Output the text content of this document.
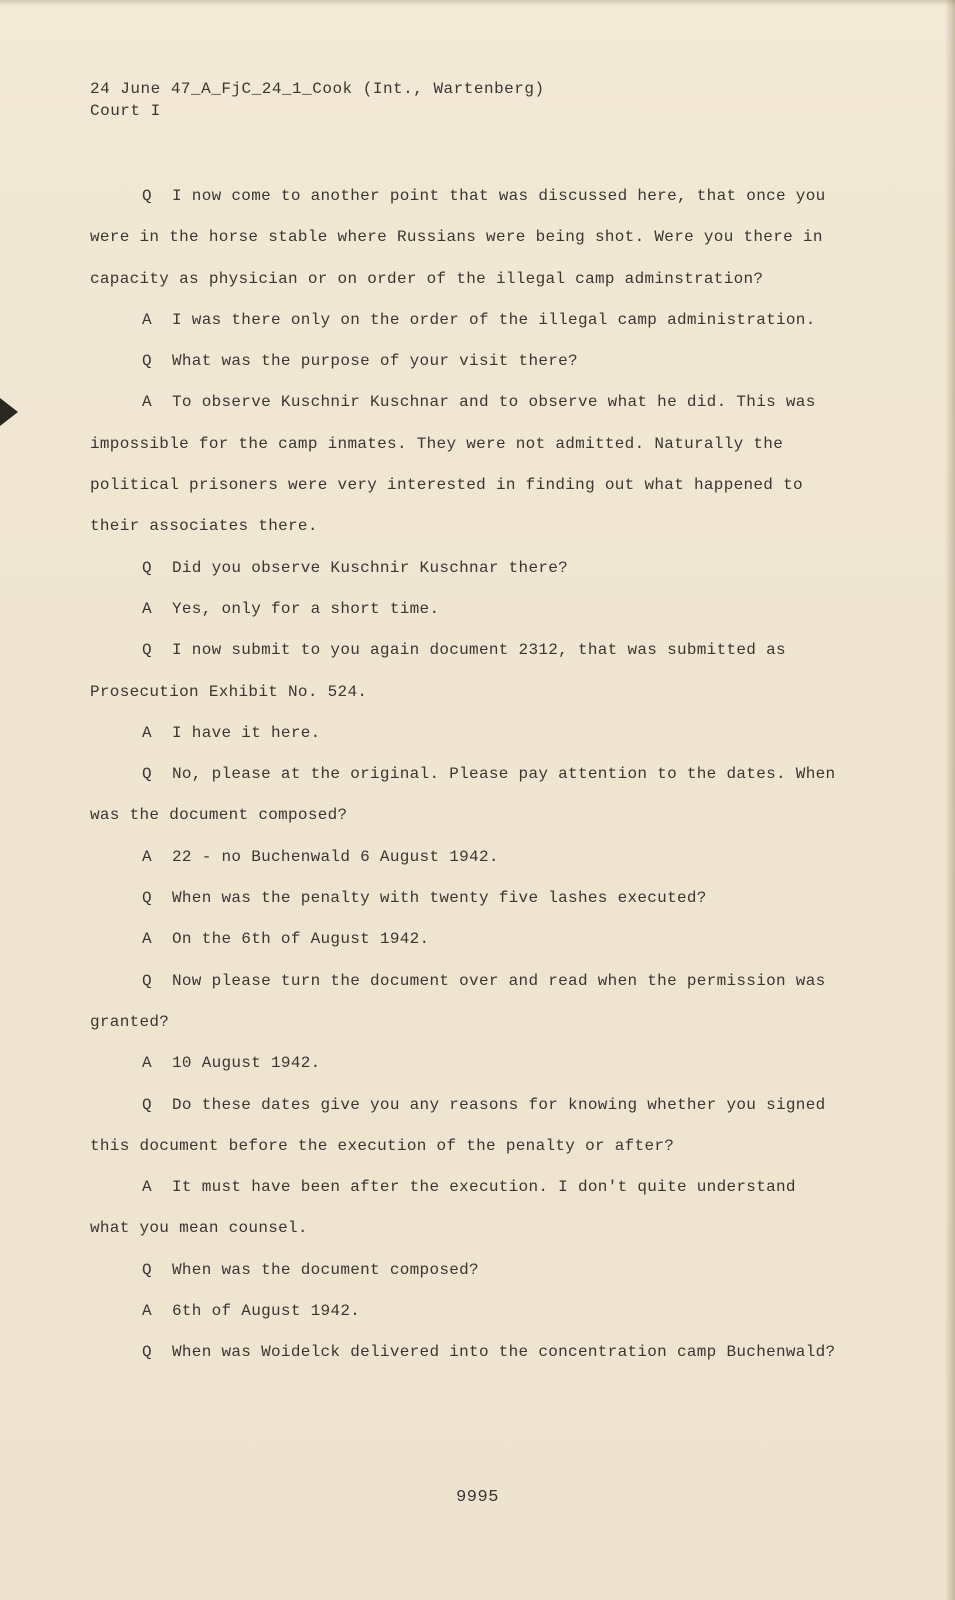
24 June 47_A_FjC_24_1_Cook (Int., Wartenberg)
Court I

Q I now come to another point that was discussed here, that once you were in the horse stable where Russians were being shot. Were you there in capacity as physician or on order of the illegal camp adminstration?

A I was there only on the order of the illegal camp administration.

Q What was the purpose of your visit there?

A To observe Kuschnir Kuschnar and to observe what he did. This was impossible for the camp inmates. They were not admitted. Naturally the political prisoners were very interested in finding out what happened to their associates there.

Q Did you observe Kuschnir Kuschnar there?

A Yes, only for a short time.

Q I now submit to you again document 2312, that was submitted as Prosecution Exhibit No. 524.

A I have it here.

Q No, please at the original. Please pay attention to the dates. When was the document composed?

A 22 - no Buchenwald 6 August 1942.

Q When was the penalty with twenty five lashes executed?

A On the 6th of August 1942.

Q Now please turn the document over and read when the permission was granted?

A 10 August 1942.

Q Do these dates give you any reasons for knowing whether you signed this document before the execution of the penalty or after?

A It must have been after the execution. I don't quite understand what you mean counsel.

Q When was the document composed?

A 6th of August 1942.

Q When was Woidelck delivered into the concentration camp Buchenwald?

9995
